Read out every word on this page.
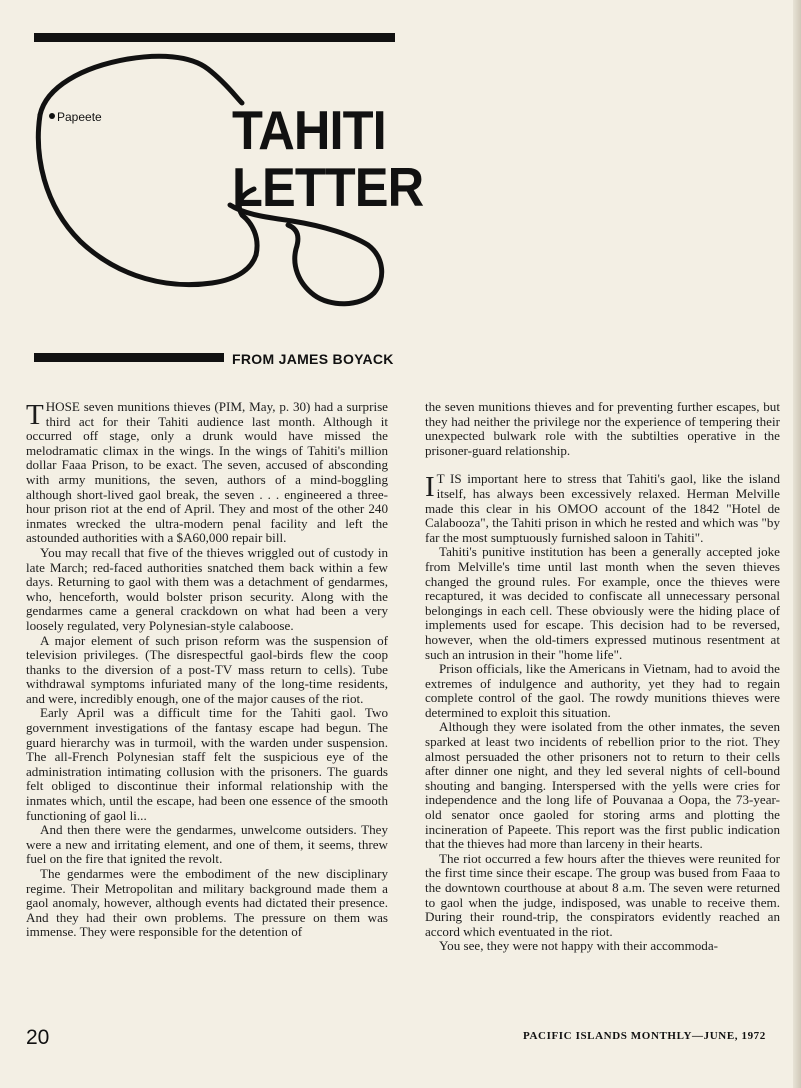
Papeete TAHITI
LETTER
FROM JAMES BOYACK

THOSE seven munitions thieves (PIM, May, p. 30) had a surprise third act for their Tahiti audience last month. Although it occurred off stage, only a drunk would have missed the melodramatic climax in the wings. In the wings of Tahiti's million dollar Faaa Prison, to be exact. The seven, accused of absconding with army munitions, the seven, authors of a mind-boggling although short-lived gaol break, the seven . . . engineered a three-hour prison riot at the end of April. They and most of the other 240 inmates wrecked the ultra-modern penal facility and left the astounded authorities with a $A60,000 repair bill.

You may recall that five of the thieves wriggled out of custody in late March; red-faced authorities snatched them back within a few days. Returning to gaol with them was a detachment of gendarmes, who, henceforth, would bolster prison security. Along with the gendarmes came a general crackdown on what had been a very loosely regulated, very Polynesian-style calaboose.

A major element of such prison reform was the suspension of television privileges. (The disrespectful gaol-birds flew the coop thanks to the diversion of a post-TV mass return to cells). Tube withdrawal symptoms infuriated many of the long-time residents, and were, incredibly enough, one of the major causes of the riot.

Early April was a difficult time for the Tahiti gaol. Two government investigations of the fantasy escape had begun. The guard hierarchy was in turmoil, with the warden under suspension. The all-French Polynesian staff felt the suspicious eye of the administration intimating collusion with the prisoners. The guards felt obliged to discontinue their informal relationship with the inmates which, until the escape, had been one essence of the smooth functioning of gaol li...

And then there were the gendarmes, unwelcome outsiders. They were a new and irritating element, and one of them, it seems, threw fuel on the fire that ignited the revolt.

The gendarmes were the embodiment of the new disciplinary regime. Their Metropolitan and military background made them a gaol anomaly, however, although events had dictated their presence. And they had their own problems. The pressure on them was immense. They were responsible for the detention of

the seven munitions thieves and for preventing further escapes, but they had neither the privilege nor the experience of tempering their unexpected bulwark role with the subtilties operative in the prisoner-guard relationship.

I T IS important here to stress that Tahiti's gaol, like the island itself, has always been excessively relaxed. Herman Melville made this clear in his OMOO account of the 1842 "Hotel de Calabooza", the Tahiti prison in which he rested and which was "by far the most sumptuously furnished saloon in Tahiti".

Tahiti's punitive institution has been a generally accepted joke from Melville's time until last month when the seven thieves changed the ground rules. For example, once the thieves were recaptured, it was decided to confiscate all unnecessary personal belongings in each cell. These obviously were the hiding place of implements used for escape. This decision had to be reversed, however, when the old-timers expressed mutinous resentment at such an intrusion in their "home life".

Prison officials, like the Americans in Vietnam, had to avoid the extremes of indulgence and authority, yet they had to regain complete control of the gaol. The rowdy munitions thieves were determined to exploit this situation.

Although they were isolated from the other inmates, the seven sparked at least two incidents of rebellion prior to the riot. They almost persuaded the other prisoners not to return to their cells after dinner one night, and they led several nights of cell-bound shouting and banging. Interspersed with the yells were cries for independence and the long life of Pouvanaa a Oopa, the 73-year-old senator once gaoled for storing arms and plotting the incineration of Papeete. This report was the first public indication that the thieves had more than larceny in their hearts.

The riot occurred a few hours after the thieves were reunited for the first time since their escape. The group was bused from Faaa to the downtown courthouse at about 8 a.m. The seven were returned to gaol when the judge, indisposed, was unable to receive them. During their round-trip, the conspirators evidently reached an accord which eventuated in the riot.

You see, they were not happy with their accommoda-

20	PACIFIC ISLANDS MONTHLY—JUNE, 1972
